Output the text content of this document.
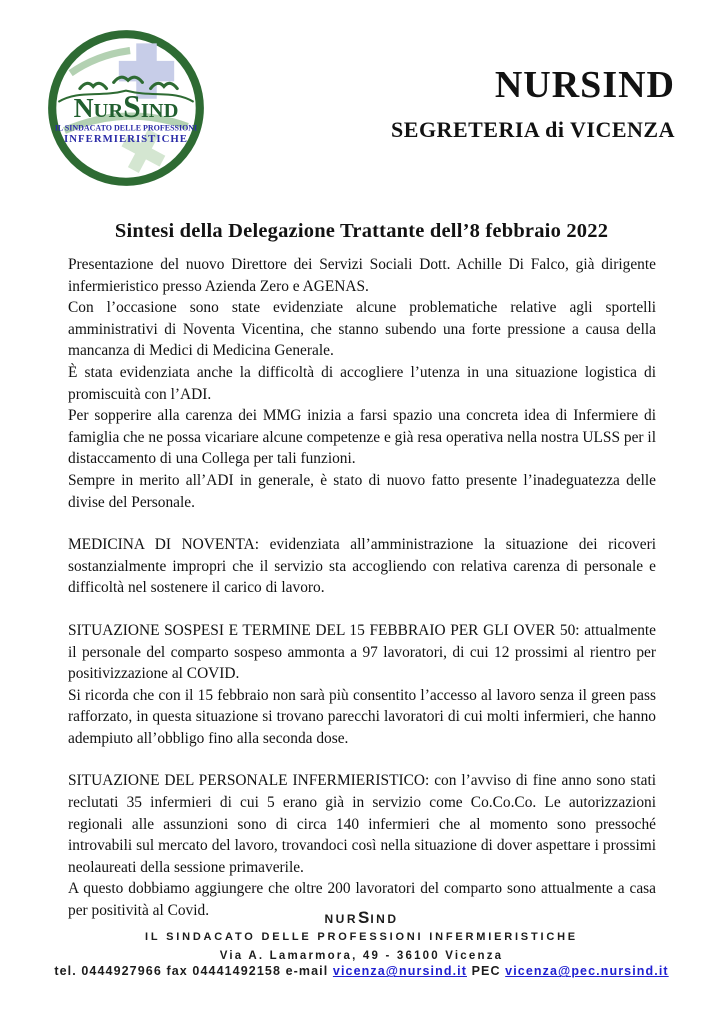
NURSIND
IL SINDACATO DELLE PROFESSIONI
INFERMIERISTICHE
NURSIND
SEGRETERIA di VICENZA
Sintesi della Delegazione Trattante dell’8 febbraio 2022

Presentazione del nuovo Direttore dei Servizi Sociali Dott. Achille Di Falco, già dirigente infermieristico presso Azienda Zero e AGENAS.

Con l’occasione sono state evidenziate alcune problematiche relative agli sportelli amministrativi di Noventa Vicentina, che stanno subendo una forte pressione a causa della mancanza di Medici di Medicina Generale.

È stata evidenziata anche la difficoltà di accogliere l’utenza in una situazione logistica di promiscuità con l’ADI.

Per sopperire alla carenza dei MMG inizia a farsi spazio una concreta idea di Infermiere di famiglia che ne possa vicariare alcune competenze e già resa operativa nella nostra ULSS per il distaccamento di una Collega per tali funzioni.

Sempre in merito all’ADI in generale, è stato di nuovo fatto presente l’inadeguatezza delle divise del Personale.

MEDICINA DI NOVENTA: evidenziata all’amministrazione la situazione dei ricoveri sostanzialmente impropri che il servizio sta accogliendo con relativa carenza di personale e difficoltà nel sostenere il carico di lavoro.

SITUAZIONE SOSPESI E TERMINE DEL 15 FEBBRAIO PER GLI OVER 50: attualmente il personale del comparto sospeso ammonta a 97 lavoratori, di cui 12 prossimi al rientro per positivizzazione al COVID.

Si ricorda che con il 15 febbraio non sarà più consentito l’accesso al lavoro senza il green pass rafforzato, in questa situazione si trovano parecchi lavoratori di cui molti infermieri, che hanno adempiuto all’obbligo fino alla seconda dose.

SITUAZIONE DEL PERSONALE INFERMIERISTICO: con l’avviso di fine anno sono stati reclutati 35 infermieri di cui 5 erano già in servizio come Co.Co.Co. Le autorizzazioni regionali alle assunzioni sono di circa 140 infermieri che al momento sono pressoché introvabili sul mercato del lavoro, trovandoci così nella situazione di dover aspettare i prossimi neolaureati della sessione primaverile.

A questo dobbiamo aggiungere che oltre 200 lavoratori del comparto sono attualmente a casa per positività al Covid.	NURSIND
IL SINDACATO DELLE PROFESSIONI INFERMIERISTICHE
Via A. Lamarmora, 49 - 36100 Vicenza
tel. 0444927966 fax 04441492158 e-mail vicenza@nursind.it PEC vicenza@pec.nursind.it
